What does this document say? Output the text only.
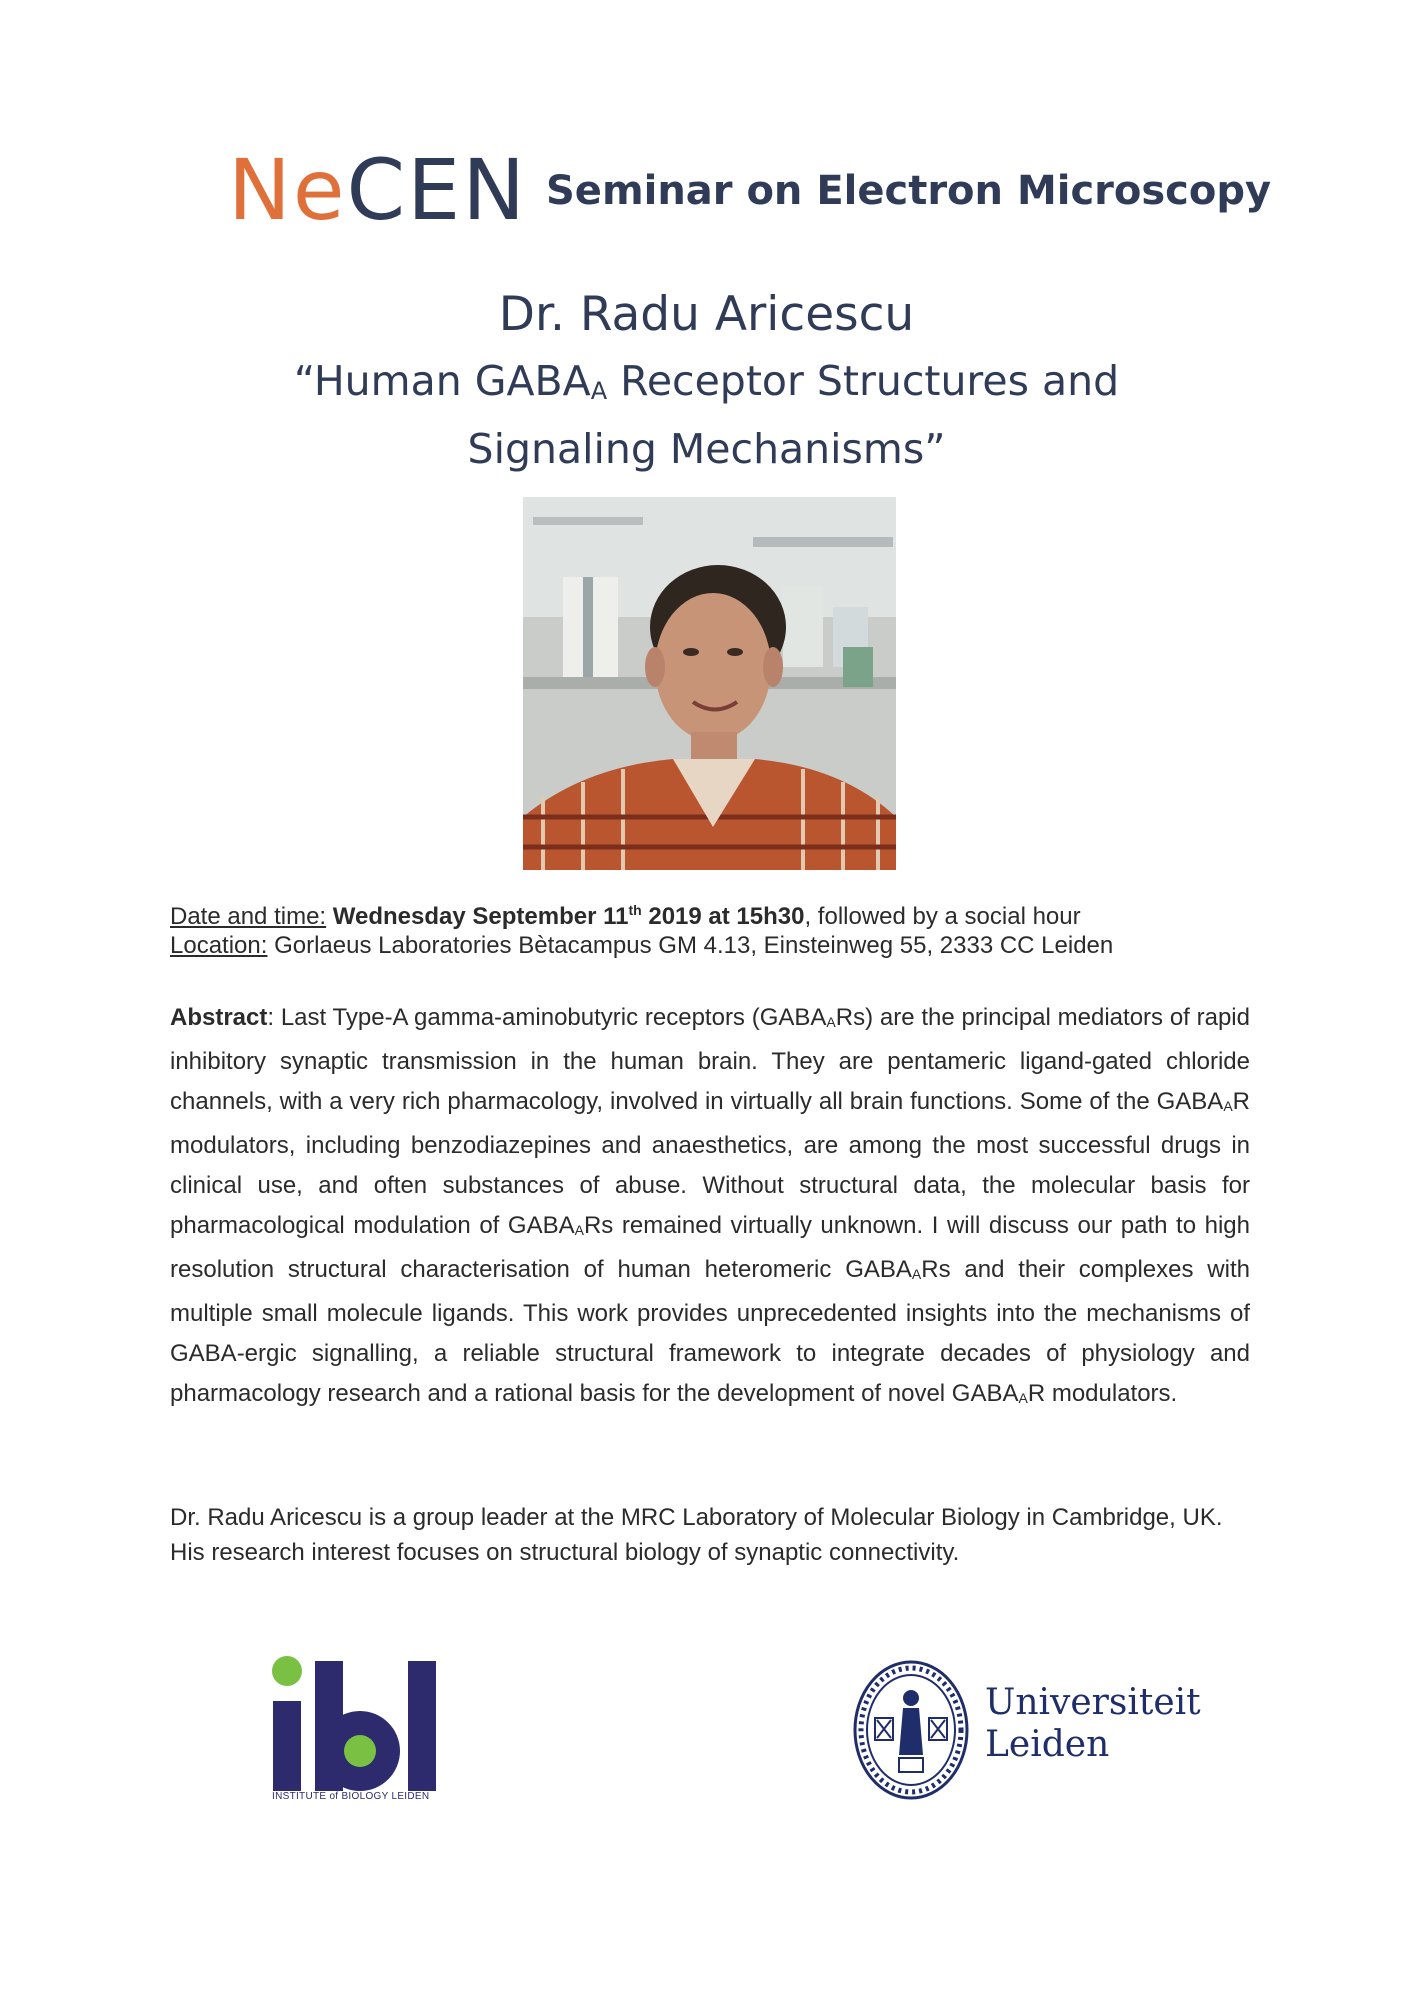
NeCEN Seminar on Electron Microscopy
Dr. Radu Aricescu
“Human $GABA_A$ Receptor Structures and Signaling Mechanisms”
Date and time: Wednesday September 11th 2019 at 15h30, followed by a social hour
Location: Gorlaeus Laboratories Bètacampus GM 4.13, Einsteinweg 55, 2333 CC Leiden
Abstract: Last Type-A gamma-aminobutyric receptors $(GABA_ARs)$ are the principal mediators of rapid inhibitory synaptic transmission in the human brain. They are pentameric ligand-gated chloride channels, with a very rich pharmacology, involved in virtually all brain functions. Some of the $GABA_AR$ modulators, including benzodiazepines and anaesthetics, are among the most successful drugs in clinical use, and often substances of abuse. Without structural data, the molecular basis for pharmacological modulation of $GABA_ARs$ remained virtually unknown. I will discuss our path to high resolution structural characterisation of human heteromeric $GABA_ARs$ and their complexes with multiple small molecule ligands. This work provides unprecedented insights into the mechanisms of GABA-ergic signalling, a reliable structural framework to integrate decades of physiology and pharmacology research and a rational basis for the development of novel $GABA_AR$ modulators.
Dr. Radu Aricescu is a group leader at the MRC Laboratory of Molecular Biology in Cambridge, UK. His research interest focuses on structural biology of synaptic connectivity.
INSTITUTE of BIOLOGY LEIDEN
Universiteit
Leiden
